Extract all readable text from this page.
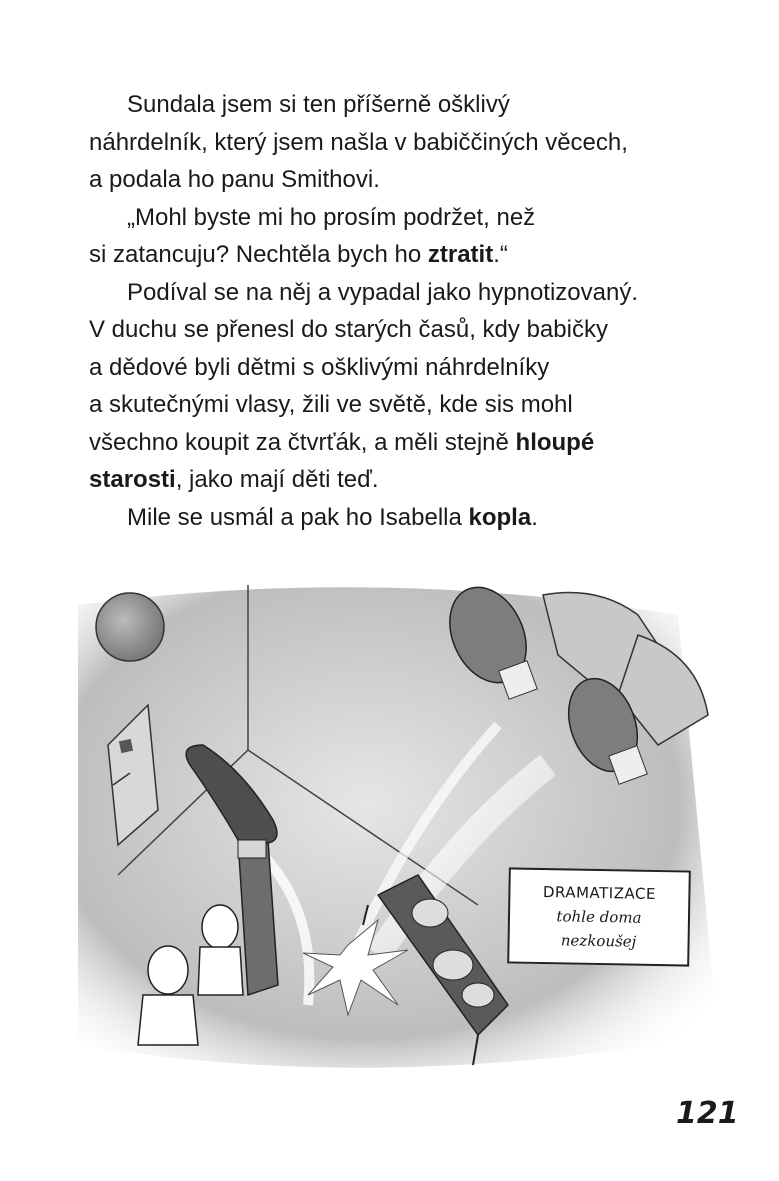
Sundala jsem si ten příšerně ošklivý
náhrdelník, který jsem našla v babiččiných věcech,
a podala ho panu Smithovi.

„Mohl byste mi ho prosím podržet, než
si zatancuju? Nechtěla bych ho ztratit.“

Podíval se na něj a vypadal jako hypnotizovaný.
V duchu se přenesl do starých časů, kdy babičky
a dědové byli dětmi s ošklivými náhrdelníky
a skutečnými vlasy, žili ve světě, kde sis mohl
všechno koupit za čtvrťák, a měli stejně hloupé
starosti, jako mají děti teď.

Mile se usmál a pak ho Isabella kopla.

DRAMATIZACE
tohle doma
nezkoušej
121
